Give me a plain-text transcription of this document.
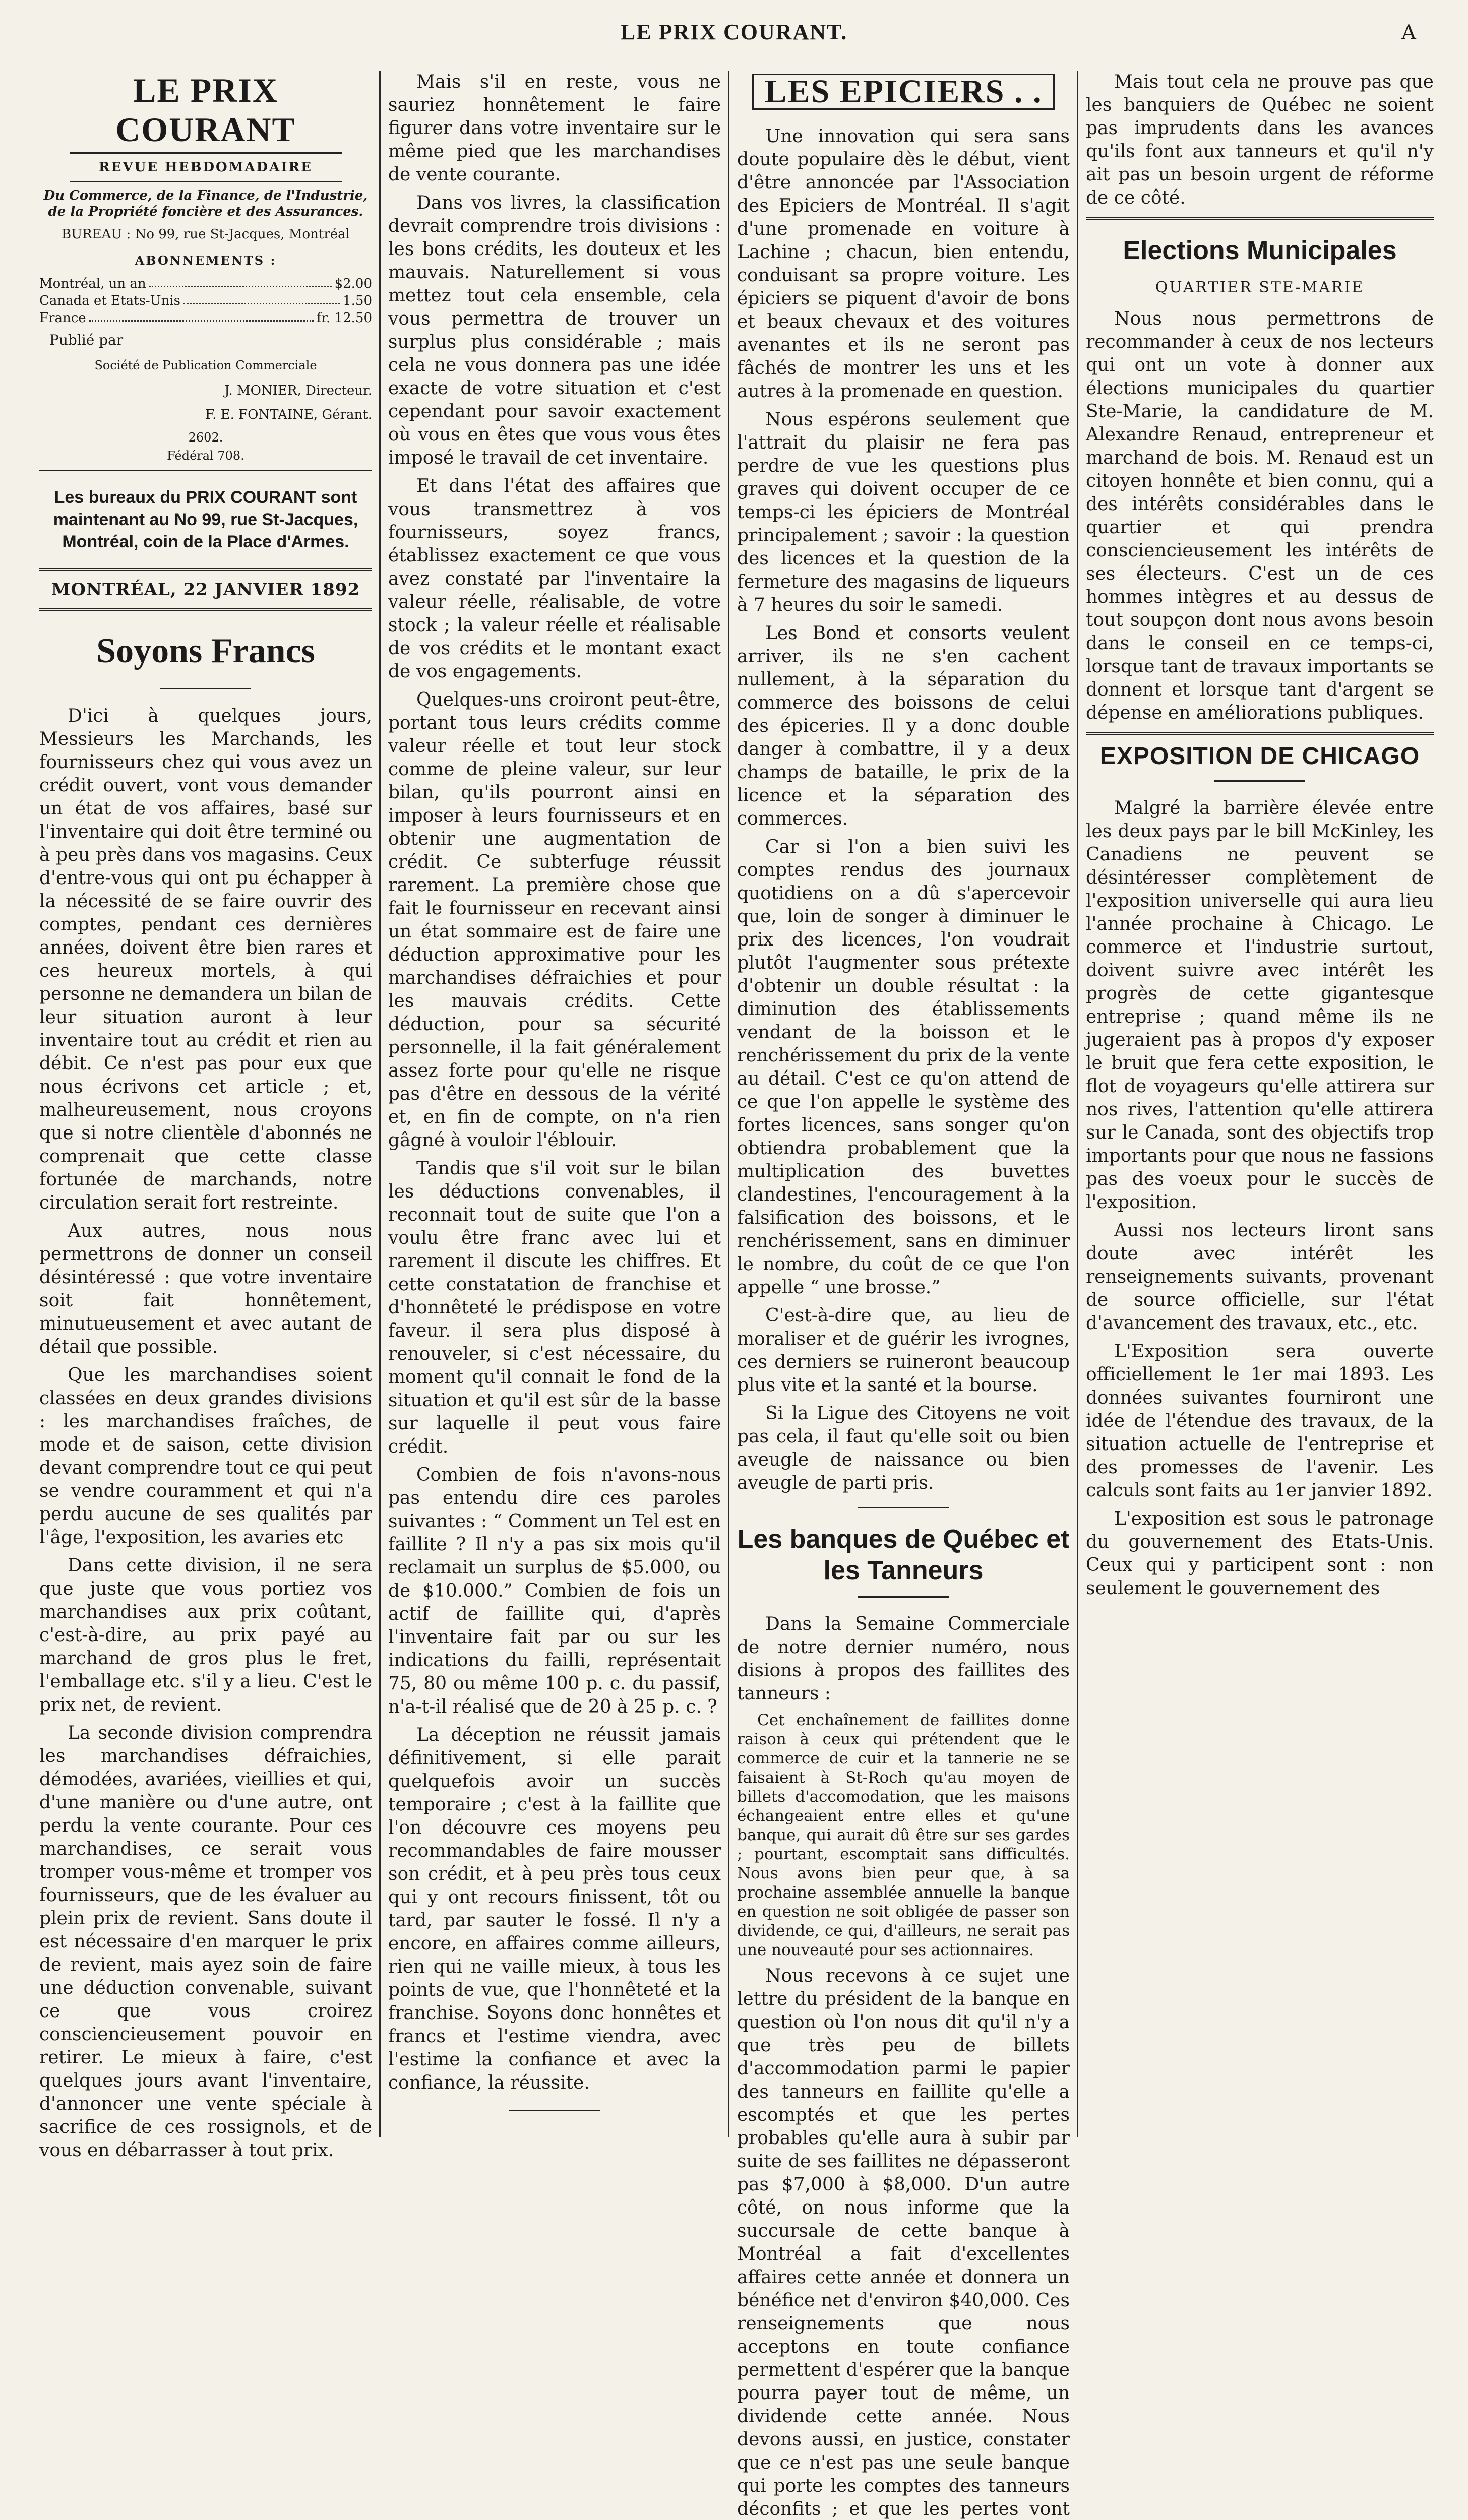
LE PRIX COURANT.	A
LE PRIX COURANT
REVUE HEBDOMADAIRE
Du Commerce, de la Finance, de l'Industrie, de la Propriété foncière et des Assurances.
BUREAU : No 99, rue St-Jacques, Montréal
ABONNEMENTS :
Montréal, un an	$2.00
Canada et Etats-Unis	1.50
France	fr. 12.50
Publié par
Société de Publication Commerciale
J. MONIER, Directeur.
F. E. FONTAINE, Gérant.
2602.
Fédéral 708.
Les bureaux du PRIX COURANT sont maintenant au No 99, rue St-Jacques, Montréal, coin de la Place d'Armes.
MONTRÉAL, 22 JANVIER 1892
Soyons Francs

D'ici à quelques jours, Messieurs les Marchands, les fournisseurs chez qui vous avez un crédit ouvert, vont vous demander un état de vos affaires, basé sur l'inventaire qui doit être terminé ou à peu près dans vos magasins. Ceux d'entre-vous qui ont pu échapper à la nécessité de se faire ouvrir des comptes, pendant ces dernières années, doivent être bien rares et ces heureux mortels, à qui personne ne demandera un bilan de leur situation auront à leur inventaire tout au crédit et rien au débit. Ce n'est pas pour eux que nous écrivons cet article ; et, malheureusement, nous croyons que si notre clientèle d'abonnés ne comprenait que cette classe fortunée de marchands, notre circulation serait fort restreinte.

Aux autres, nous nous permettrons de donner un conseil désintéressé : que votre inventaire soit fait honnêtement, minutueusement et avec autant de détail que possible.

Que les marchandises soient classées en deux grandes divisions : les marchandises fraîches, de mode et de saison, cette division devant comprendre tout ce qui peut se vendre couramment et qui n'a perdu aucune de ses qualités par l'âge, l'exposition, les avaries etc

Dans cette division, il ne sera que juste que vous portiez vos marchandises aux prix coûtant, c'est-à-dire, au prix payé au marchand de gros plus le fret, l'emballage etc. s'il y a lieu. C'est le prix net, de revient.

La seconde division comprendra les marchandises défraichies, démodées, avariées, vieillies et qui, d'une manière ou d'une autre, ont perdu la vente courante. Pour ces marchandises, ce serait vous tromper vous-même et tromper vos fournisseurs, que de les évaluer au plein prix de revient. Sans doute il est nécessaire d'en marquer le prix de revient, mais ayez soin de faire une déduction convenable, suivant ce que vous croirez consciencieusement pouvoir en retirer. Le mieux à faire, c'est quelques jours avant l'inventaire, d'annoncer une vente spéciale à sacrifice de ces rossignols, et de vous en débarrasser à tout prix.

Mais s'il en reste, vous ne sauriez honnêtement le faire figurer dans votre inventaire sur le même pied que les marchandises de vente courante.

Dans vos livres, la classification devrait comprendre trois divisions : les bons crédits, les douteux et les mauvais. Naturellement si vous mettez tout cela ensemble, cela vous permettra de trouver un surplus plus considérable ; mais cela ne vous donnera pas une idée exacte de votre situation et c'est cependant pour savoir exactement où vous en êtes que vous vous êtes imposé le travail de cet inventaire.

Et dans l'état des affaires que vous transmettrez à vos fournisseurs, soyez francs, établissez exactement ce que vous avez constaté par l'inventaire la valeur réelle, réalisable, de votre stock ; la valeur réelle et réalisable de vos crédits et le montant exact de vos engagements.

Quelques-uns croiront peut-être, portant tous leurs crédits comme valeur réelle et tout leur stock comme de pleine valeur, sur leur bilan, qu'ils pourront ainsi en imposer à leurs fournisseurs et en obtenir une augmentation de crédit. Ce subterfuge réussit rarement. La première chose que fait le fournisseur en recevant ainsi un état sommaire est de faire une déduction approximative pour les marchandises défraichies et pour les mauvais crédits. Cette déduction, pour sa sécurité personnelle, il la fait généralement assez forte pour qu'elle ne risque pas d'être en dessous de la vérité et, en fin de compte, on n'a rien gâgné à vouloir l'éblouir.

Tandis que s'il voit sur le bilan les déductions convenables, il reconnait tout de suite que l'on a voulu être franc avec lui et rarement il discute les chiffres. Et cette constatation de franchise et d'honnêteté le prédispose en votre faveur. il sera plus disposé à renouveler, si c'est nécessaire, du moment qu'il connait le fond de la situation et qu'il est sûr de la basse sur laquelle il peut vous faire crédit.

Combien de fois n'avons-nous pas entendu dire ces paroles suivantes : “ Comment un Tel est en faillite ? Il n'y a pas six mois qu'il reclamait un surplus de $5.000, ou de $10.000.” Combien de fois un actif de faillite qui, d'après l'inventaire fait par ou sur les indications du failli, représentait 75, 80 ou même 100 p. c. du passif, n'a-t-il réalisé que de 20 à 25 p. c. ?

La déception ne réussit jamais définitivement, si elle parait quelquefois avoir un succès temporaire ; c'est à la faillite que l'on découvre ces moyens peu recommandables de faire mousser son crédit, et à peu près tous ceux qui y ont recours finissent, tôt ou tard, par sauter le fossé. Il n'y a encore, en affaires comme ailleurs, rien qui ne vaille mieux, à tous les points de vue, que l'honnêteté et la franchise. Soyons donc honnêtes et francs et l'estime viendra, avec l'estime la confiance et avec la confiance, la réussite.

LES EPICIERS . .

Une innovation qui sera sans doute populaire dès le début, vient d'être annoncée par l'Association des Epiciers de Montréal. Il s'agit d'une promenade en voiture à Lachine ; chacun, bien entendu, conduisant sa propre voiture. Les épiciers se piquent d'avoir de bons et beaux chevaux et des voitures avenantes et ils ne seront pas fâchés de montrer les uns et les autres à la promenade en question.

Nous espérons seulement que l'attrait du plaisir ne fera pas perdre de vue les questions plus graves qui doivent occuper de ce temps-ci les épiciers de Montréal principalement ; savoir : la question des licences et la question de la fermeture des magasins de liqueurs à 7 heures du soir le samedi.

Les Bond et consorts veulent arriver, ils ne s'en cachent nullement, à la séparation du commerce des boissons de celui des épiceries. Il y a donc double danger à combattre, il y a deux champs de bataille, le prix de la licence et la séparation des commerces.

Car si l'on a bien suivi les comptes rendus des journaux quotidiens on a dû s'apercevoir que, loin de songer à diminuer le prix des licences, l'on voudrait plutôt l'augmenter sous prétexte d'obtenir un double résultat : la diminution des établissements vendant de la boisson et le renchérissement du prix de la vente au détail. C'est ce qu'on attend de ce que l'on appelle le système des fortes licences, sans songer qu'on obtiendra probablement que la multiplication des buvettes clandestines, l'encouragement à la falsification des boissons, et le renchérissement, sans en diminuer le nombre, du coût de ce que l'on appelle “ une brosse.”

C'est-à-dire que, au lieu de moraliser et de guérir les ivrognes, ces derniers se ruineront beaucoup plus vite et la santé et la bourse.

Si la Ligue des Citoyens ne voit pas cela, il faut qu'elle soit ou bien aveugle de naissance ou bien aveugle de parti pris.

Les banques de Québec et les Tanneurs

Dans la Semaine Commerciale de notre dernier numéro, nous disions à propos des faillites des tanneurs :

Cet enchaînement de faillites donne raison à ceux qui prétendent que le commerce de cuir et la tannerie ne se faisaient à St-Roch qu'au moyen de billets d'accomodation, que les maisons échangeaient entre elles et qu'une banque, qui aurait dû être sur ses gardes ; pourtant, escomptait sans difficultés. Nous avons bien peur que, à sa prochaine assemblée annuelle la banque en question ne soit obligée de passer son dividende, ce qui, d'ailleurs, ne serait pas une nouveauté pour ses actionnaires.

Nous recevons à ce sujet une lettre du président de la banque en question où l'on nous dit qu'il n'y a que très peu de billets d'accommodation parmi le papier des tanneurs en faillite qu'elle a escomptés et que les pertes probables qu'elle aura à subir par suite de ses faillites ne dépasseront pas $7,000 à $8,000. D'un autre côté, on nous informe que la succursale de cette banque à Montréal a fait d'excellentes affaires cette année et donnera un bénéfice net d'environ $40,000. Ces renseignements que nous acceptons en toute confiance permettent d'espérer que la banque pourra payer tout de même, un dividende cette année. Nous devons aussi, en justice, constater que ce n'est pas une seule banque qui porte les comptes des tanneurs déconfits ; et que les pertes vont

Mais tout cela ne prouve pas que les banquiers de Québec ne soient pas imprudents dans les avances qu'ils font aux tanneurs et qu'il n'y ait pas un besoin urgent de réforme de ce côté.

Elections Municipales
QUARTIER STE-MARIE

Nous nous permettrons de recommander à ceux de nos lecteurs qui ont un vote à donner aux élections municipales du quartier Ste-Marie, la candidature de M. Alexandre Renaud, entrepreneur et marchand de bois. M. Renaud est un citoyen honnête et bien connu, qui a des intérêts considérables dans le quartier et qui prendra consciencieusement les intérêts de ses électeurs. C'est un de ces hommes intègres et au dessus de tout soupçon dont nous avons besoin dans le conseil en ce temps-ci, lorsque tant de travaux importants se donnent et lorsque tant d'argent se dépense en améliorations publiques.

EXPOSITION DE CHICAGO

Malgré la barrière élevée entre les deux pays par le bill McKinley, les Canadiens ne peuvent se désintéresser complètement de l'exposition universelle qui aura lieu l'année prochaine à Chicago. Le commerce et l'industrie surtout, doivent suivre avec intérêt les progrès de cette gigantesque entreprise ; quand même ils ne jugeraient pas à propos d'y exposer le bruit que fera cette exposition, le flot de voyageurs qu'elle attirera sur nos rives, l'attention qu'elle attirera sur le Canada, sont des objectifs trop importants pour que nous ne fassions pas des voeux pour le succès de l'exposition.

Aussi nos lecteurs liront sans doute avec intérêt les renseignements suivants, provenant de source officielle, sur l'état d'avancement des travaux, etc., etc.

L'Exposition sera ouverte officiellement le 1er mai 1893. Les données suivantes fourniront une idée de l'étendue des travaux, de la situation actuelle de l'entreprise et des promesses de l'avenir. Les calculs sont faits au 1er janvier 1892.

L'exposition est sous le patronage du gouvernement des Etats-Unis. Ceux qui y participent sont : non seulement le gouvernement des
